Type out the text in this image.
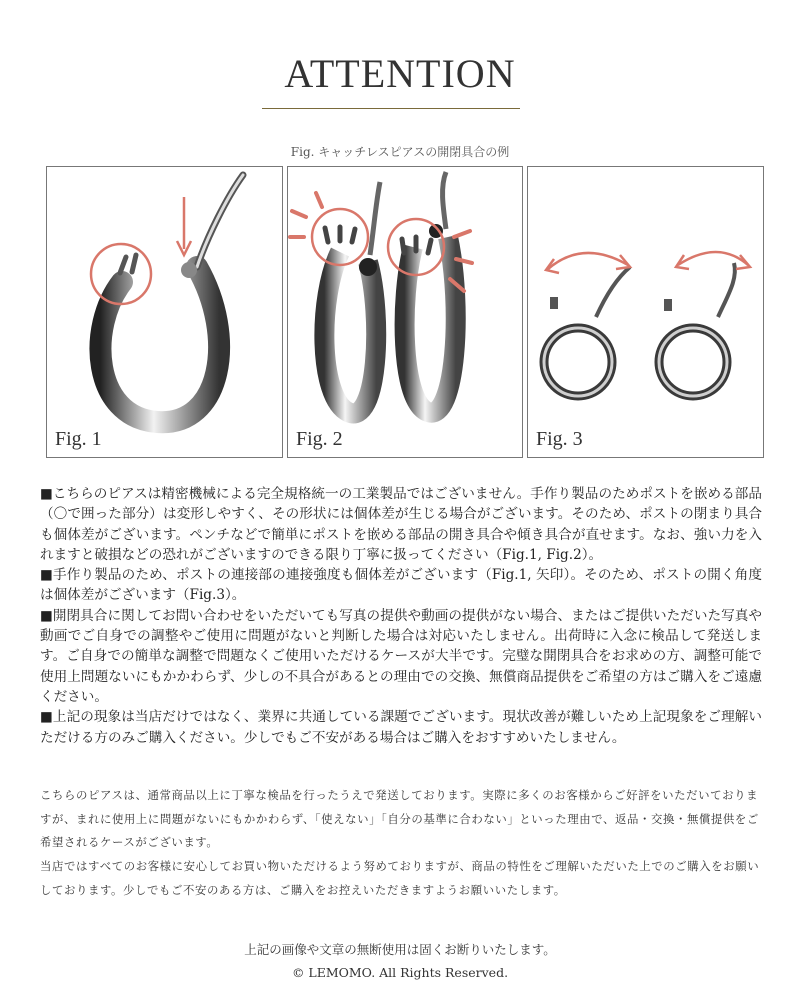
ATTENTION
Fig. キャッチレスピアスの開閉具合の例
Fig. 1	Fig. 2	Fig. 3

■こちらのピアスは精密機械による完全規格統一の工業製品ではございません。手作り製品のためポストを嵌める部品（〇で囲った部分）は変形しやすく、その形状には個体差が生じる場合がございます。そのため、ポストの閉まり具合も個体差がございます。ペンチなどで簡単にポストを嵌める部品の開き具合や傾き具合が直せます。なお、強い力を入れますと破損などの恐れがございますのできる限り丁寧に扱ってください（Fig.1, Fig.2）。

■手作り製品のため、ポストの連接部の連接強度も個体差がございます（Fig.1, 矢印）。そのため、ポストの開く角度は個体差がございます（Fig.3）。

■開閉具合に関してお問い合わせをいただいても写真の提供や動画の提供がない場合、またはご提供いただいた写真や動画でご自身での調整やご使用に問題がないと判断した場合は対応いたしません。出荷時に入念に検品して発送します。ご自身での簡単な調整で問題なくご使用いただけるケースが大半です。完璧な開閉具合をお求めの方、調整可能で使用上問題ないにもかかわらず、少しの不具合があるとの理由での交換、無償商品提供をご希望の方はご購入をご遠慮ください。

■上記の現象は当店だけではなく、業界に共通している課題でございます。現状改善が難しいため上記現象をご理解いただける方のみご購入ください。少しでもご不安がある場合はご購入をおすすめいたしません。

こちらのピアスは、通常商品以上に丁寧な検品を行ったうえで発送しております。実際に多くのお客様からご好評をいただいておりますが、まれに使用上に問題がないにもかかわらず、「使えない」「自分の基準に合わない」といった理由で、返品・交換・無償提供をご希望されるケースがございます。

当店ではすべてのお客様に安心してお買い物いただけるよう努めておりますが、商品の特性をご理解いただいた上でのご購入をお願いしております。少しでもご不安のある方は、ご購入をお控えいただきますようお願いいたします。

上記の画像や文章の無断使用は固くお断りいたします。
© LEMOMO. All Rights Reserved.
